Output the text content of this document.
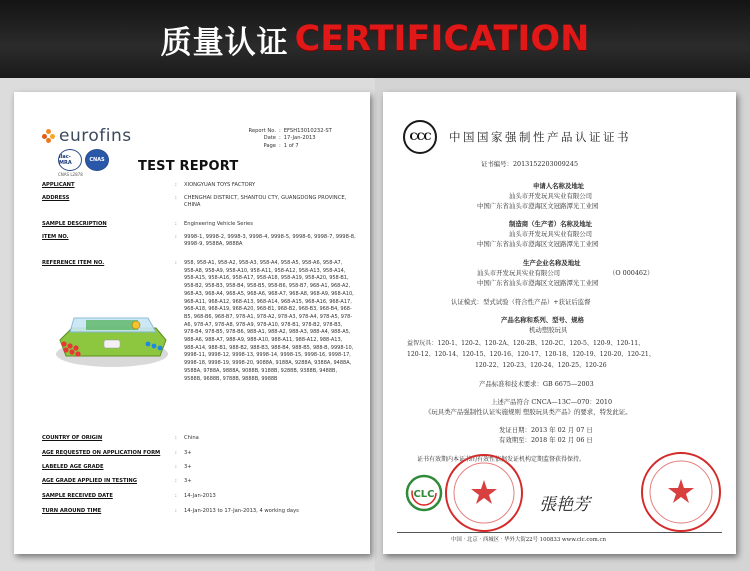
质量认证 CERTIFICATION
eurofins
ilac-MRA	CNAS
CNAS L2878
Report No. : EFSH13010232-ST
Date : 17-Jan-2013
Page : 1 of 7
TEST REPORT
APPLICANT	: XIONGYUAN TOYS FACTORY
ADDRESS	: CHENGHAI DISTRICT, SHANTOU CTY, GUANGDONG PROVINCE, CHINA
SAMPLE DESCRIPTION	: Engineering Vehicle Series
ITEM NO.	: 9998-1, 9998-2, 9998-3, 9998-4, 9998-5, 9998-6, 9998-7, 9998-8, 9998-9, 9588A, 9888A
REFERENCE ITEM NO.	: 958, 958-A1, 958-A2, 958-A3, 958-A4, 958-A5, 958-A6, 958-A7, 958-A8, 958-A9, 958-A10, 958-A11, 958-A12, 958-A13, 958-A14, 958-A15, 958-A16, 958-A17, 958-A18, 958-A19, 958-A20, 958-B1, 958-B2, 958-B3, 958-B4, 958-B5, 958-B6, 958-B7, 968-A1, 968-A2, 968-A3, 968-A4, 968-A5, 968-A6, 968-A7, 968-A8, 968-A9, 968-A10, 968-A11, 968-A12, 968-A13, 968-A14, 968-A15, 968-A16, 968-A17, 968-A18, 968-A19, 968-A20, 968-B1, 968-B2, 968-B3, 968-B4, 968-B5, 968-B6, 968-B7, 978-A1, 978-A2, 978-A3, 978-A4, 978-A5, 978-A6, 978-A7, 978-A8, 978-A9, 978-A10, 978-B1, 978-B2, 978-B3, 978-B4, 978-B5, 978-B6, 988-A1, 988-A2, 988-A3, 988-A4, 988-A5, 988-A6, 988-A7, 988-A9, 988-A10, 988-A11, 988-A12, 988-A13, 988-A14, 988-B1, 988-B2, 988-B3, 988-B4, 988-B5, 988-B, 9998-10, 9998-11, 9998-12, 9998-13, 9998-14, 9998-15, 9998-16, 9998-17, 9998-18, 9998-19, 9998-20, 9088A, 9188A, 9288A, 9388A, 9488A, 9588A, 9788A, 9888A, 9088B, 9188B, 9288B, 9388B, 9488B, 9588B, 9688B, 9788B, 9888B, 9988B
COUNTRY OF ORIGIN	: China
AGE REQUESTED ON APPLICATION FORM	: 3+
LABELED AGE GRADE	: 3+
AGE GRADE APPLIED IN TESTING	: 3+
SAMPLE RECEIVED DATE	: 14-Jan-2013
TURN AROUND TIME	: 14-Jan-2013 to 17-Jan-2013, 4 working days
CCC	中国国家强制性产品认证证书
证书编号：2013152203009245
申请人名称及地址
汕头市开发玩具实业有限公司
中国广东省汕头市澄海区文冠路潭光工业园
制造商（生产者）名称及地址
汕头市开发玩具实业有限公司
中国广东省汕头市澄海区文冠路潭光工业园
生产企业名称及地址
汕头市开发玩具实业有限公司	（O 000462）
中国广东省汕头市澄海区文冠路潭光工业园
认证模式：型式试验（符合性产品）+获证后监督
产品名称和系列、型号、规格
机动塑胶玩具
益智玩具：120-1、120-2、120-2A、120-2B、120-2C、120-5、120-9、120-11、
120-12、120-14、120-15、120-16、120-17、120-18、120-19、120-20、120-21、
120-22、120-23、120-24、120-25、120-26
产品标准和技术要求：GB 6675—2003
上述产品符合 CNCA—13C—070：2010
《玩具类产品强制性认证实施规则 塑胶玩具类产品》的要求，特发此证。
发证日期：2013 年 02 月 07 日
有效期至：2018 年 02 月 06 日
证书有效期内本证书的有效性依据发证机构定期监督获得保持。
CLC
張艳芳
中国 · 北京 · 西城区 · 华外大街22号 100833 www.clc.com.cn
